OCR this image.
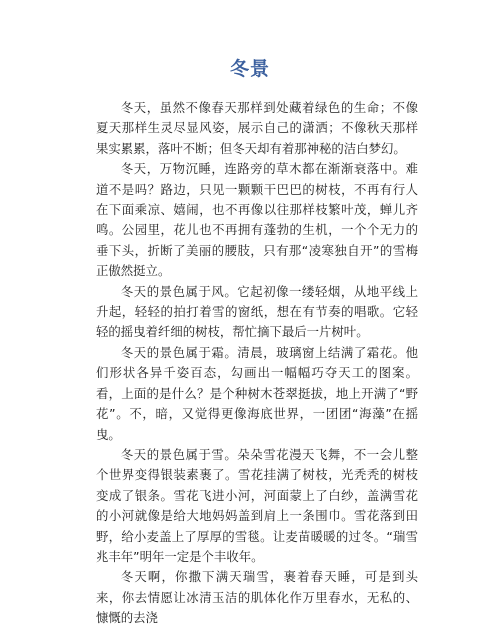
冬景

冬天，虽然不像春天那样到处藏着绿色的生命；不像夏天那样生灵尽显风姿，展示自己的潇洒；不像秋天那样果实累累，落叶不断；但冬天却有着那神秘的洁白梦幻。

冬天，万物沉睡，连路旁的草木都在渐渐衰落中。难道不是吗？路边，只见一颗颗干巴巴的树枝，不再有行人在下面乘凉、嬉闹，也不再像以往那样枝繁叶茂，蝉儿齐鸣。公园里，花儿也不再拥有蓬勃的生机，一个个无力的垂下头，折断了美丽的腰肢，只有那“凌寒独自开”的雪梅正傲然挺立。

冬天的景色属于风。它起初像一缕轻烟，从地平线上升起，轻轻的拍打着雪的窗纸，想在有节奏的唱歌。它轻轻的摇曳着纤细的树枝，帮忙摘下最后一片树叶。

冬天的景色属于霜。清晨，玻璃窗上结满了霜花。他们形状各异千姿百态，勾画出一幅幅巧夺天工的图案。看，上面的是什么？是个种树木苍翠挺拔，地上开满了“野花”。不，暗，又觉得更像海底世界，一团团“海藻”在摇曳。

冬天的景色属于雪。朵朵雪花漫天飞舞，不一会儿整个世界变得银装素裹了。雪花挂满了树枝，光秃秃的树枝变成了银条。雪花飞进小河，河面蒙上了白纱，盖满雪花的小河就像是给大地妈妈盖到肩上一条围巾。雪花落到田野，给小麦盖上了厚厚的雪毯。让麦苗暖暖的过冬。“瑞雪兆丰年”明年一定是个丰收年。

冬天啊，你撒下满天瑞雪，裹着春天睡，可是到头来，你去情愿让冰清玉洁的肌体化作万里春水，无私的、慷慨的去浇
